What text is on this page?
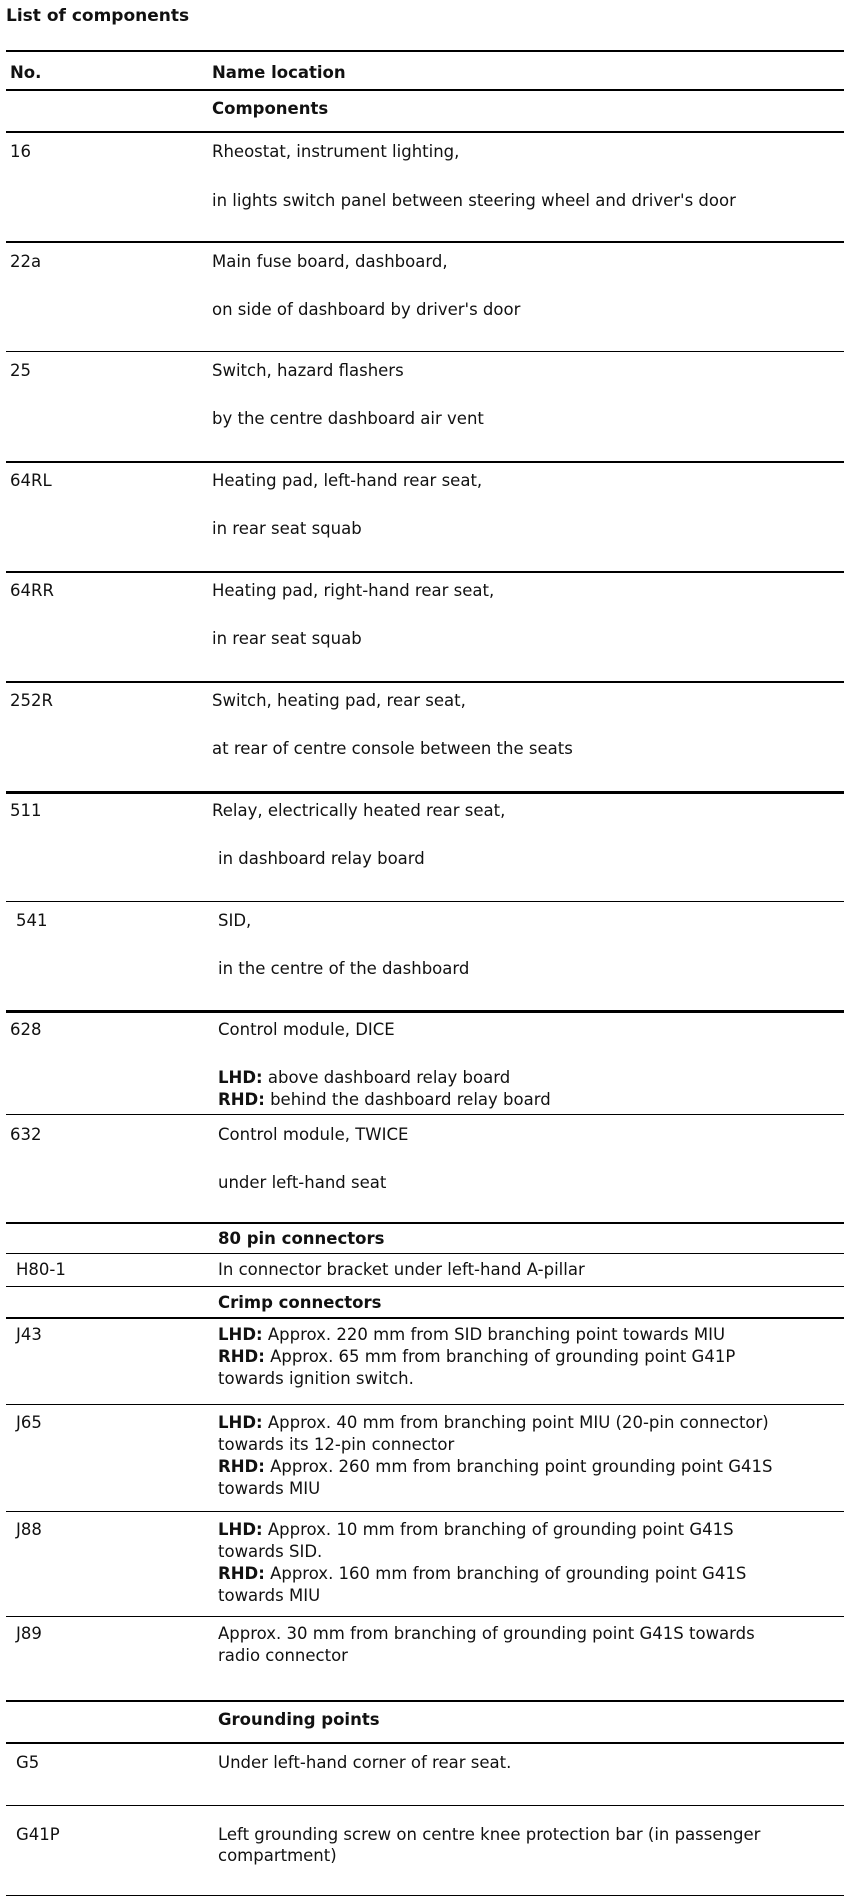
List of components
No.	Name location
Components
16	Rheostat, instrument lighting,
in lights switch panel between steering wheel and driver's door
22a	Main fuse board, dashboard,
on side of dashboard by driver's door
25	Switch, hazard flashers
by the centre dashboard air vent
64RL	Heating pad, left-hand rear seat,
in rear seat squab
64RR	Heating pad, right-hand rear seat,
in rear seat squab
252R	Switch, heating pad, rear seat,
at rear of centre console between the seats
511	Relay, electrically heated rear seat,
in dashboard relay board
541	SID,
in the centre of the dashboard
628	Control module, DICE
LHD: above dashboard relay board
RHD: behind the dashboard relay board
632	Control module, TWICE
under left-hand seat
80 pin connectors
H80-1	In connector bracket under left-hand A-pillar
Crimp connectors
J43	LHD: Approx. 220 mm from SID branching point towards MIU
RHD: Approx. 65 mm from branching of grounding point G41P
towards ignition switch.
J65	LHD: Approx. 40 mm from branching point MIU (20-pin connector)
towards its 12-pin connector
RHD: Approx. 260 mm from branching point grounding point G41S
towards MIU
J88	LHD: Approx. 10 mm from branching of grounding point G41S
towards SID.
RHD: Approx. 160 mm from branching of grounding point G41S
towards MIU
J89	Approx. 30 mm from branching of grounding point G41S towards
radio connector
Grounding points
G5	Under left-hand corner of rear seat.
G41P	Left grounding screw on centre knee protection bar (in passenger
compartment)
